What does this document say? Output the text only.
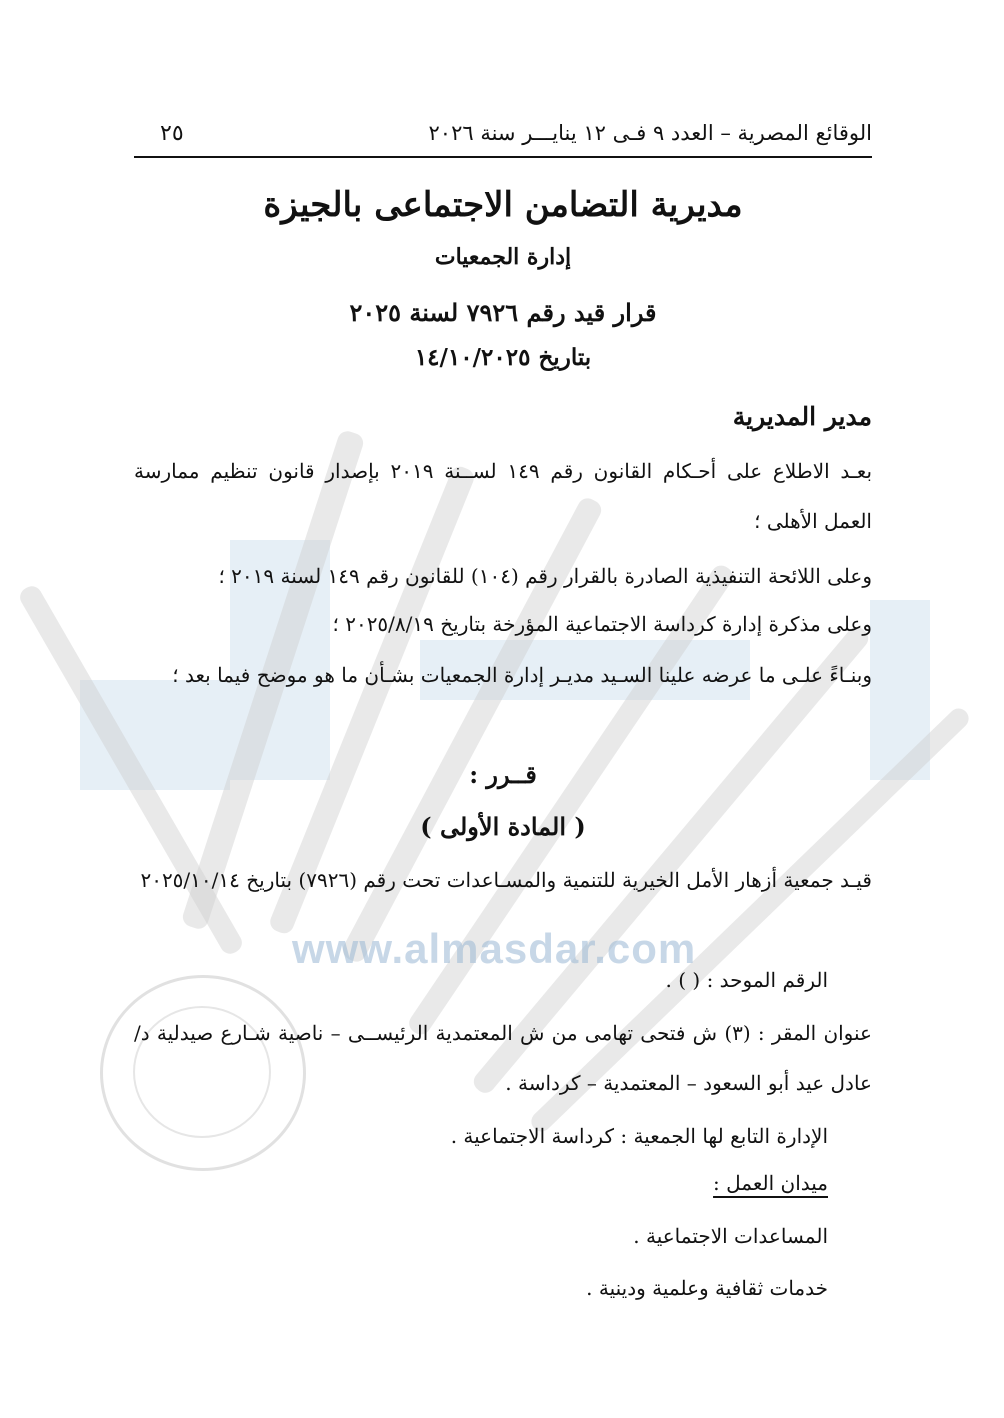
الوقائع المصرية – العدد ٩ فـى ١٢ ينايـــر سنة ٢٠٢٦
٢٥
مديرية التضامن الاجتماعى بالجيزة
إدارة الجمعيات
قرار قيد رقم ٧٩٢٦ لسنة ٢٠٢٥
بتاريخ ١٤/١٠/٢٠٢٥
مدير المديرية
بعـد الاطلاع على أحـكام القانون رقم ١٤٩ لســنة ٢٠١٩ بإصدار قانون تنظيم ممارسة العمل الأهلى ؛
وعلى اللائحة التنفيذية الصادرة بالقرار رقم (١٠٤) للقانون رقم ١٤٩ لسنة ٢٠١٩ ؛
وعلى مذكرة إدارة كرداسة الاجتماعية المؤرخة بتاريخ ٢٠٢٥/٨/١٩ ؛
وبنـاءً علـى ما عرضه علينا السـيد مديـر إدارة الجمعيات بشـأن ما هو موضح فيما بعد ؛
قــرر :
( المادة الأولى )
قيـد جمعية أزهار الأمل الخيرية للتنمية والمسـاعدات تحت رقم (٧٩٢٦) بتاريخ ٢٠٢٥/١٠/١٤
www.almasdar.com
الرقم الموحد : ( ) .
عنوان المقر : (٣) ش فتحى تهامى من ش المعتمدية الرئيســى – ناصية شـارع صيدلية د/ عادل عيد أبو السعود – المعتمدية – كرداسة .
الإدارة التابع لها الجمعية : كرداسة الاجتماعية .
ميدان العمل :
المساعدات الاجتماعية .
خدمات ثقافية وعلمية ودينية .
